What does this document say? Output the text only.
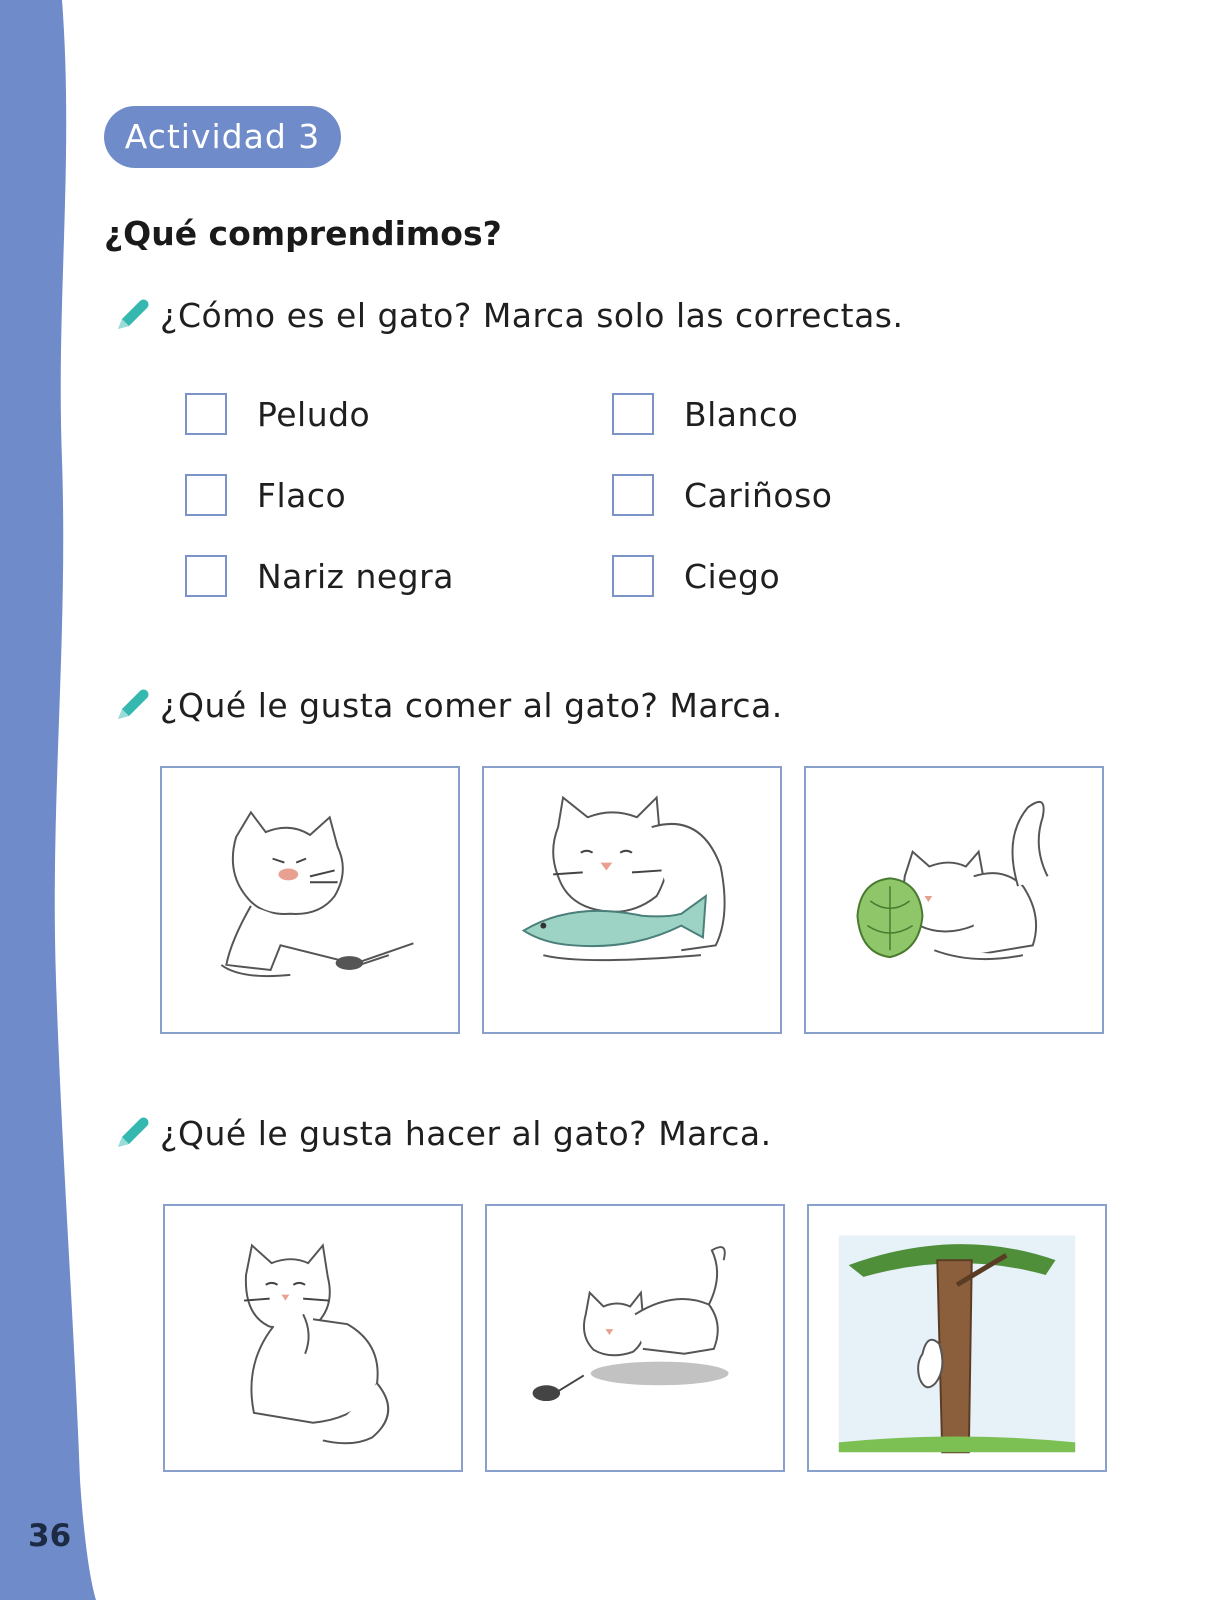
36
Actividad 3
¿Qué comprendimos?
¿Cómo es el gato? Marca solo las correctas.
Peludo	Blanco
Flaco	Cariñoso
Nariz negra	Ciego
¿Qué le gusta comer al gato? Marca.
¿Qué le gusta hacer al gato? Marca.
